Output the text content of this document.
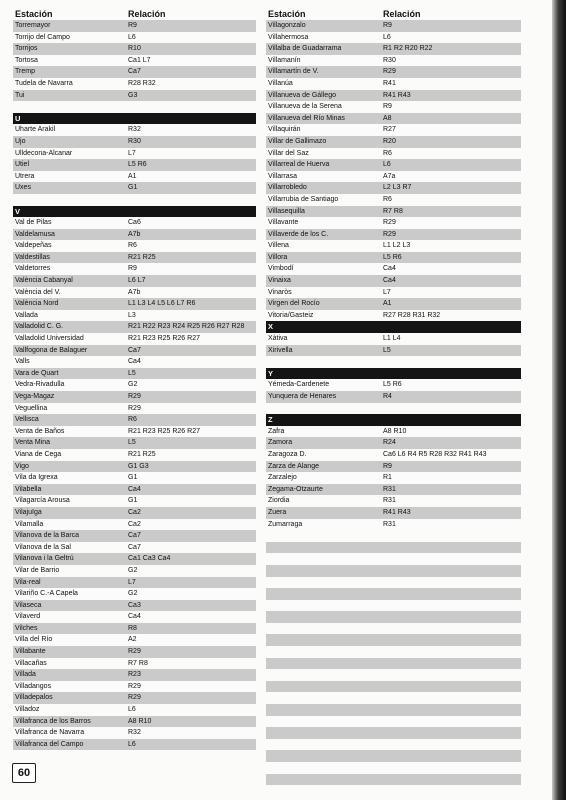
Estación	Relación
Torremayor	R9
Torrijo del Campo	L6
Torrijos	R10
Tortosa	Ca1 L7
Tremp	Ca7
Tudela de Navarra	R28 R32
Tui	G3
U
Uharte Arakil	R32
Ujo	R30
Ulldecona-Alcanar	L7
Utiel	L5 R6
Utrera	A1
Uxes	G1
V
Val de Pilas	Ca6
Valdelamusa	A7b
Valdepeñas	R6
Valdestillas	R21 R25
Valdetorres	R9
València Cabanyal	L6 L7
València del V.	A7b
València Nord	L1 L3 L4 L5 L6 L7 R6
Vallada	L3
Valladolid C. G.	R21 R22 R23 R24 R25 R26 R27 R28
Valladolid Universidad	R21 R23 R25 R26 R27
Vallfogona de Balaguer	Ca7
Valls	Ca4
Vara de Quart	L5
Vedra-Rivadulla	G2
Vega-Magaz	R29
Veguellina	R29
Vellisca	R6
Venta de Baños	R21 R23 R25 R26 R27
Venta Mina	L5
Viana de Cega	R21 R25
Vigo	G1 G3
Vila da Igrexa	G1
Vilabella	Ca4
Vilagarcía Arousa	G1
Vilajuïga	Ca2
Vilamalla	Ca2
Vilanova de la Barca	Ca7
Vilanova de la Sal	Ca7
Vilanova i la Geltrú	Ca1 Ca3 Ca4
Vilar de Barrio	G2
Vila-real	L7
Vilariño C.-A Capela	G2
Vilaseca	Ca3
Vilaverd	Ca4
Vilches	R8
Villa del Río	A2
Villabante	R29
Villacañas	R7 R8
Villada	R23
Villadangos	R29
Villadepalos	R29
Villadoz	L6
Villafranca de los Barros	A8 R10
Villafranca de Navarra	R32
Villafranca del Campo	L6
Estación	Relación
Villagonzalo	R9
Villahermosa	L6
Villalba de Guadarrama	R1 R2 R20 R22
Villamanín	R30
Villamartín de V.	R29
Villanúa	R41
Villanueva de Gállego	R41 R43
Villanueva de la Serena	R9
Villanueva del Río Minas	A8
Villaquirán	R27
Villar de Gallimazo	R20
Villar del Saz	R6
Villarreal de Huerva	L6
Villarrasa	A7a
Villarrobledo	L2 L3 R7
Villarrubia de Santiago	R6
Villasequilla	R7 R8
Villavante	R29
Villaverde de los C.	R29
Villena	L1 L2 L3
Villora	L5 R6
Vimbodí	Ca4
Vinaixa	Ca4
Vinaròs	L7
Virgen del Rocío	A1
Vitoria/Gasteiz	R27 R28 R31 R32
X
Xàtiva	L1 L4
Xirivella	L5
Y
Yémeda-Cardenete	L5 R6
Yunquera de Henares	R4
Z
Zafra	A8 R10
Zamora	R24
Zaragoza D.	Ca6 L6 R4 R5 R28 R32 R41 R43
Zarza de Alange	R9
Zarzalejo	R1
Zegama-Otzaurte	R31
Ziordia	R31
Zuera	R41 R43
Zumarraga	R31
60
